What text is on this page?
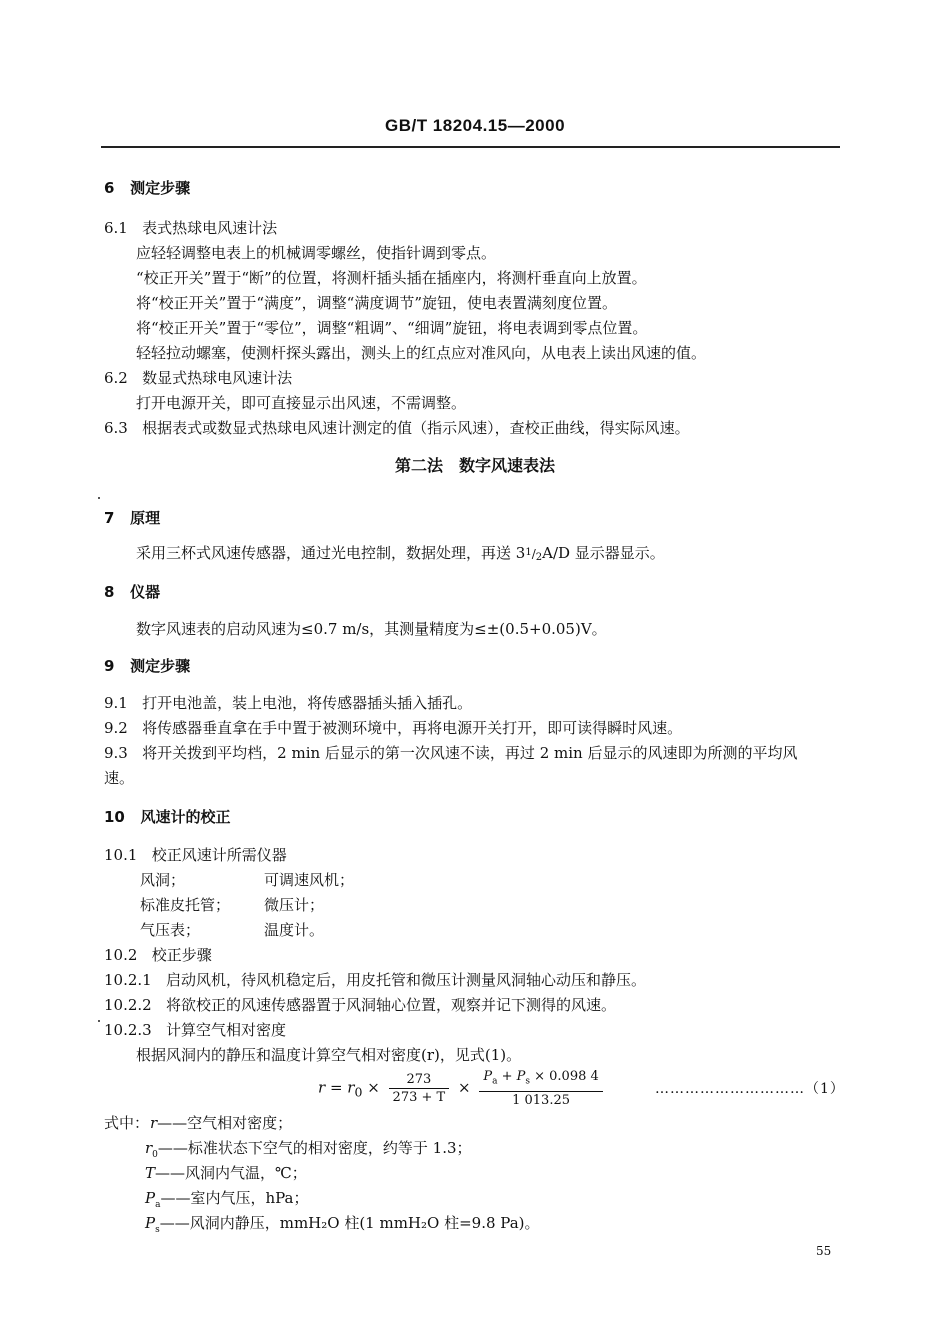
GB/T 18204.15—2000
6 测定步骤
6.1 表式热球电风速计法
应轻轻调整电表上的机械调零螺丝，使指针调到零点。
“校正开关”置于“断”的位置，将测杆插头插在插座内，将测杆垂直向上放置。
将“校正开关”置于“满度”，调整“满度调节”旋钮，使电表置满刻度位置。
将“校正开关”置于“零位”，调整“粗调”、“细调”旋钮，将电表调到零点位置。
轻轻拉动螺塞，使测杆探头露出，测头上的红点应对准风向，从电表上读出风速的值。
6.2 数显式热球电风速计法
打开电源开关，即可直接显示出风速，不需调整。
6.3 根据表式或数显式热球电风速计测定的值（指示风速），查校正曲线，得实际风速。
第二法　数字风速表法
7 原理
采用三杯式风速传感器，通过光电控制，数据处理，再送 $3^1/2A/D$ 显示器显示。
8 仪器
数字风速表的启动风速为≤0.7 m/s，其测量精度为≤±(0.5+0.05)V。
9 测定步骤
9.1 打开电池盖，装上电池，将传感器插头插入插孔。
9.2 将传感器垂直拿在手中置于被测环境中，再将电源开关打开，即可读得瞬时风速。
9.3 将开关拨到平均档，2 min 后显示的第一次风速不读，再过 2 min 后显示的风速即为所测的平均风
速。
10 风速计的校正
10.1 校正风速计所需仪器
风洞；	可调速风机；
标准皮托管； 微压计；
气压表；	温度计。
10.2 校正步骤
10.2.1 启动风机，待风机稳定后，用皮托管和微压计测量风洞轴心动压和静压。
10.2.2 将欲校正的风速传感器置于风洞轴心位置，观察并记下测得的风速。
10.2.3 计算空气相对密度
根据风洞内的静压和温度计算空气相对密度(r)，见式(1)。
$r = r_0 \times \frac{273}{273 + T} \times \frac{P_a + P_s \times 0.098 4}{1 013.25}$	…………………………（1）
式中： r——空气相对密度；
$r_0——$标准状态下空气的相对密度，约等于 1.3；
T——风洞内气温，℃；
$P_a——$室内气压，hPa；
$P_s——$风洞内静压，mmH₂O 柱(1 mmH₂O 柱=9.8 Pa)。
55
